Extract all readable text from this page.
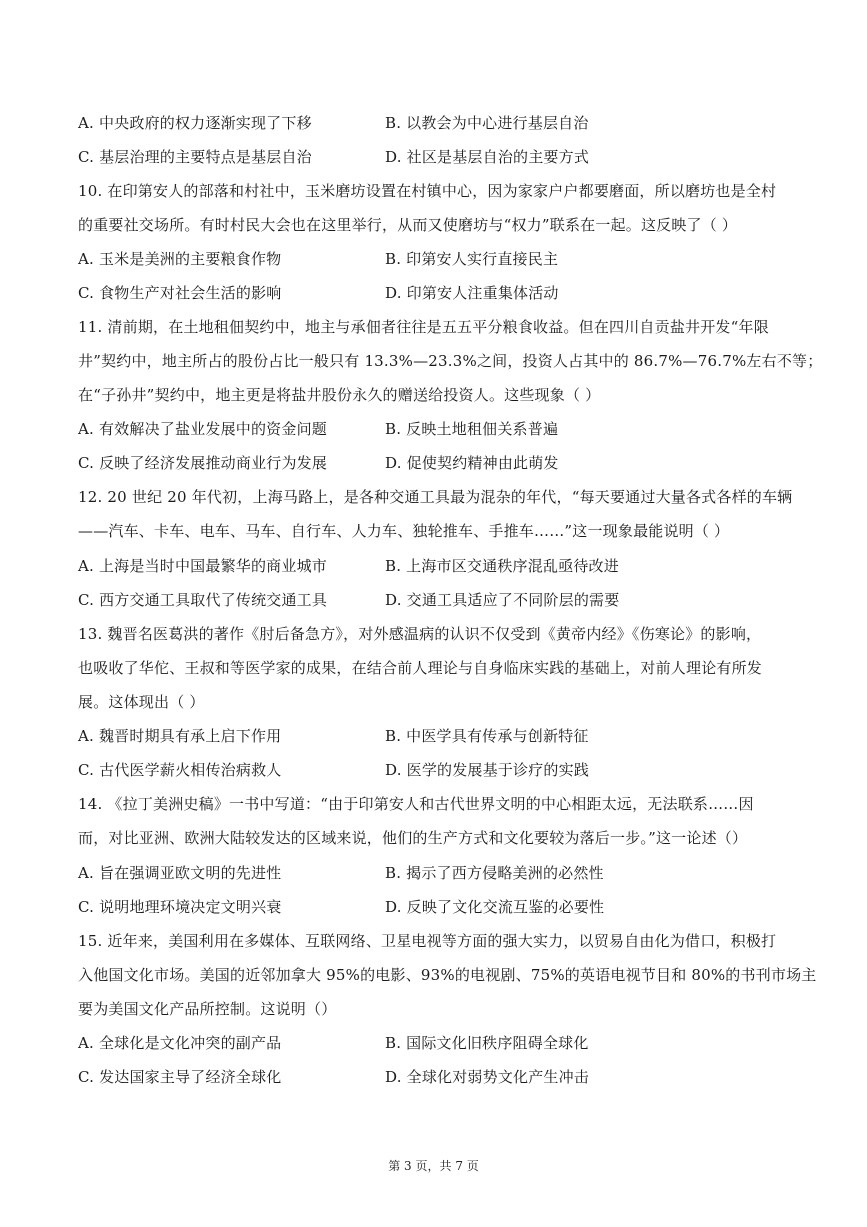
A. 中央政府的权力逐渐实现了下移	B. 以教会为中心进行基层自治
C. 基层治理的主要特点是基层自治	D. 社区是基层自治的主要方式
10. 在印第安人的部落和村社中，玉米磨坊设置在村镇中心，因为家家户户都要磨面，所以磨坊也是全村
的重要社交场所。有时村民大会也在这里举行，从而又使磨坊与“权力”联系在一起。这反映了（ ）
A. 玉米是美洲的主要粮食作物	B. 印第安人实行直接民主
C. 食物生产对社会生活的影响	D. 印第安人注重集体活动
11. 清前期，在土地租佃契约中，地主与承佃者往往是五五平分粮食收益。但在四川自贡盐井开发“年限
井”契约中，地主所占的股份占比一般只有 13.3%—23.3%之间，投资人占其中的 86.7%—76.7%左右不等；
在“子孙井”契约中，地主更是将盐井股份永久的赠送给投资人。这些现象（ ）
A. 有效解决了盐业发展中的资金问题	B. 反映土地租佃关系普遍
C. 反映了经济发展推动商业行为发展	D. 促使契约精神由此萌发
12. 20 世纪 20 年代初，上海马路上，是各种交通工具最为混杂的年代，“每天要通过大量各式各样的车辆
——汽车、卡车、电车、马车、自行车、人力车、独轮推车、手推车……”这一现象最能说明（ ）
A. 上海是当时中国最繁华的商业城市	B. 上海市区交通秩序混乱亟待改进
C. 西方交通工具取代了传统交通工具	D. 交通工具适应了不同阶层的需要
13. 魏晋名医葛洪的著作《肘后备急方》，对外感温病的认识不仅受到《黄帝内经》《伤寒论》的影响，
也吸收了华佗、王叔和等医学家的成果，在结合前人理论与自身临床实践的基础上，对前人理论有所发
展。这体现出（ ）
A. 魏晋时期具有承上启下作用	B. 中医学具有传承与创新特征
C. 古代医学薪火相传治病救人	D. 医学的发展基于诊疗的实践
14. 《拉丁美洲史稿》一书中写道：“由于印第安人和古代世界文明的中心相距太远，无法联系……因
而，对比亚洲、欧洲大陆较发达的区域来说，他们的生产方式和文化要较为落后一步。”这一论述（）
A. 旨在强调亚欧文明的先进性	B. 揭示了西方侵略美洲的必然性
C. 说明地理环境决定文明兴衰	D. 反映了文化交流互鉴的必要性
15. 近年来，美国利用在多媒体、互联网络、卫星电视等方面的强大实力，以贸易自由化为借口，积极打
入他国文化市场。美国的近邻加拿大 95%的电影、93%的电视剧、75%的英语电视节目和 80%的书刊市场主
要为美国文化产品所控制。这说明（）
A. 全球化是文化冲突的副产品	B. 国际文化旧秩序阻碍全球化
C. 发达国家主导了经济全球化	D. 全球化对弱势文化产生冲击
第 3 页，共 7 页
